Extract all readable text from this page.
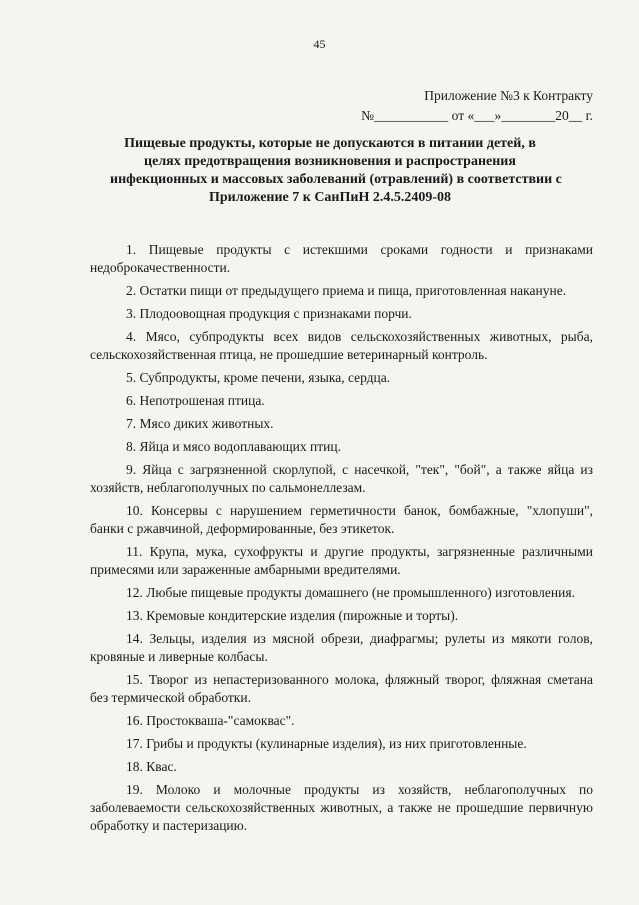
45
Приложение №3 к Контракту
№___________ от «___»________20__ г.
Пищевые продукты, которые не допускаются в питании детей, в
целях предотвращения возникновения и распространения
инфекционных и массовых заболеваний (отравлений) в соответствии с
Приложение 7 к СанПиН 2.4.5.2409-08

1. Пищевые продукты с истекшими сроками годности и признаками недоброкачественности.

2. Остатки пищи от предыдущего приема и пища, приготовленная накануне.

3. Плодоовощная продукция с признаками порчи.

4. Мясо, субпродукты всех видов сельскохозяйственных животных, рыба, сельскохозяйственная птица, не прошедшие ветеринарный контроль.

5. Субпродукты, кроме печени, языка, сердца.

6. Непотрошеная птица.

7. Мясо диких животных.

8. Яйца и мясо водоплавающих птиц.

9. Яйца с загрязненной скорлупой, с насечкой, "тек", "бой", а также яйца из хозяйств, неблагополучных по сальмонеллезам.

10. Консервы с нарушением герметичности банок, бомбажные, "хлопуши", банки с ржавчиной, деформированные, без этикеток.

11. Крупа, мука, сухофрукты и другие продукты, загрязненные различными примесями или зараженные амбарными вредителями.

12. Любые пищевые продукты домашнего (не промышленного) изготовления.

13. Кремовые кондитерские изделия (пирожные и торты).

14. Зельцы, изделия из мясной обрези, диафрагмы; рулеты из мякоти голов, кровяные и ливерные колбасы.

15. Творог из непастеризованного молока, фляжный творог, фляжная сметана без термической обработки.

16. Простокваша-"самоквас".

17. Грибы и продукты (кулинарные изделия), из них приготовленные.

18. Квас.

19. Молоко и молочные продукты из хозяйств, неблагополучных по заболеваемости сельскохозяйственных животных, а также не прошедшие первичную обработку и пастеризацию.
